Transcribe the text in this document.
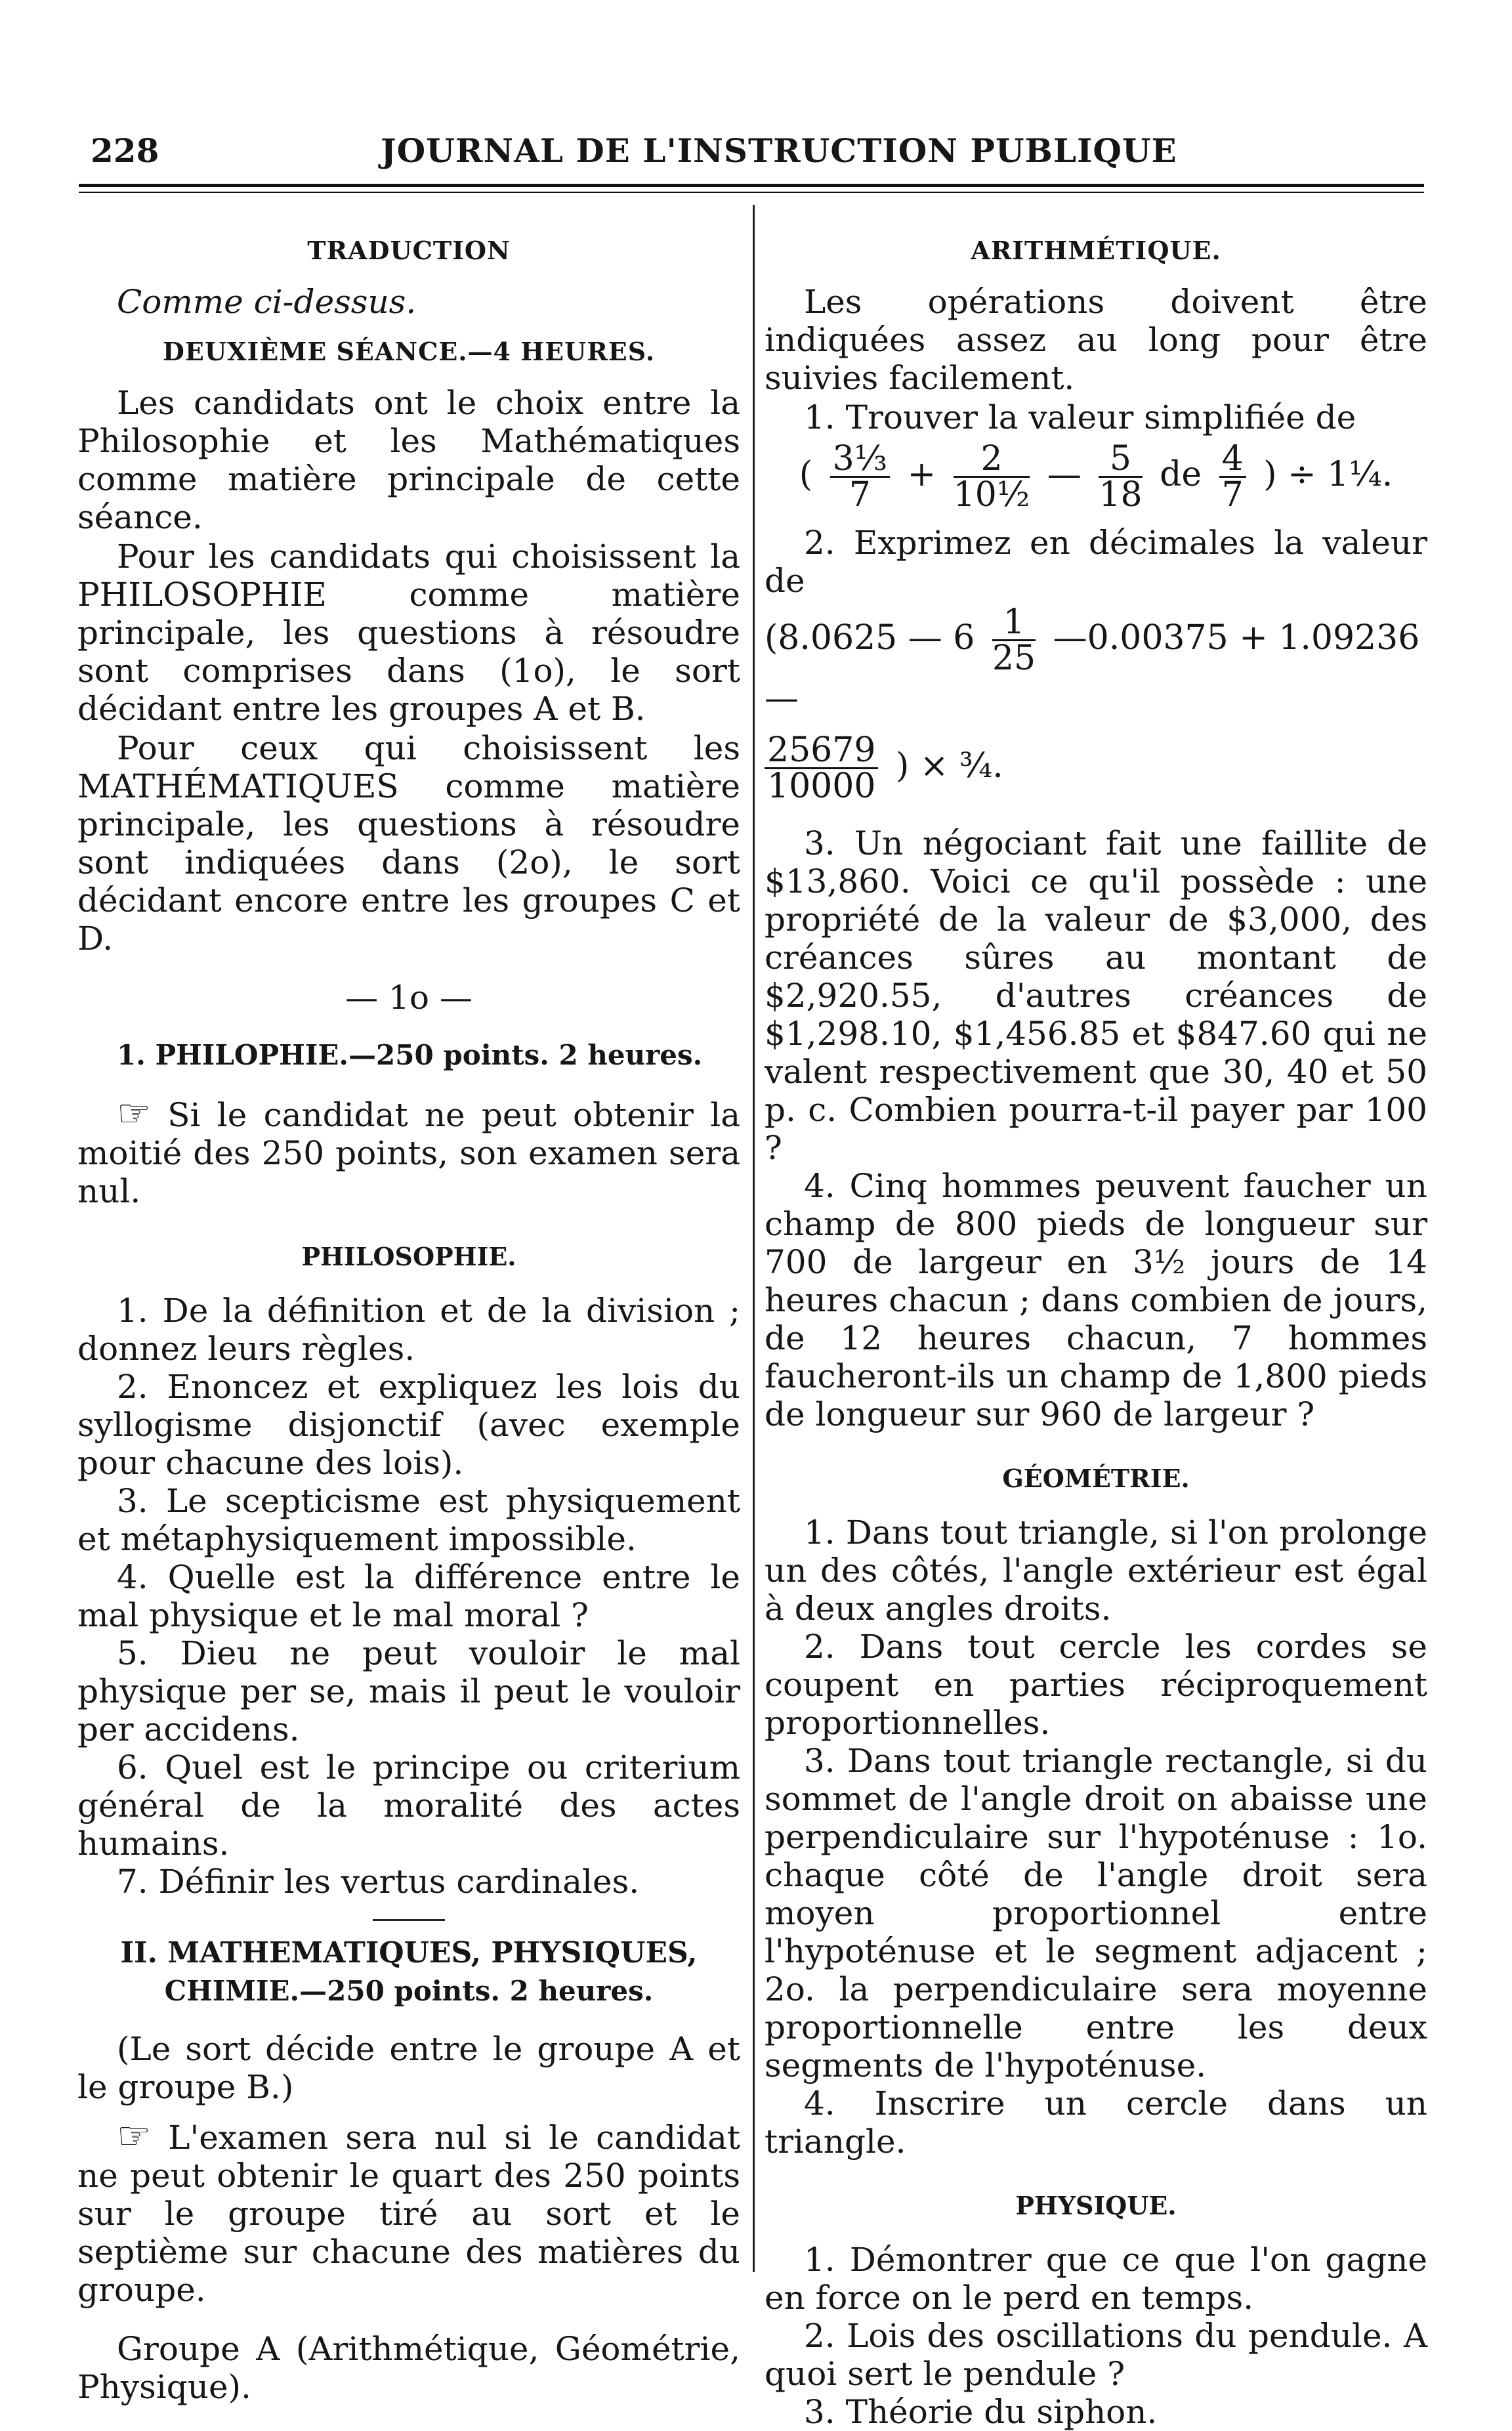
228	JOURNAL DE L'INSTRUCTION PUBLIQUE
TRADUCTION
Comme ci-dessus.
DEUXIÈME SÉANCE.—4 HEURES.

Les candidats ont le choix entre la Philosophie et les Mathématiques comme matière principale de cette séance.

Pour les candidats qui choisissent la PHILOSOPHIE comme matière principale, les questions à résoudre sont comprises dans (1o), le sort décidant entre les groupes A et B.

Pour ceux qui choisissent les MATHÉMATIQUES comme matière principale, les questions à résoudre sont indiquées dans (2o), le sort décidant encore entre les groupes C et D.

— 1o —
1. PHILOPHIE.—250 points. 2 heures.

☞ Si le candidat ne peut obtenir la moitié des 250 points, son examen sera nul.

PHILOSOPHIE.

1. De la définition et de la division ; donnez leurs règles.

2. Enoncez et expliquez les lois du syllogisme disjonctif (avec exemple pour chacune des lois).

3. Le scepticisme est physiquement et métaphysiquement impossible.

4. Quelle est la différence entre le mal physique et le mal moral ?

5. Dieu ne peut vouloir le mal physique per se, mais il peut le vouloir per accidens.

6. Quel est le principe ou criterium général de la moralité des actes humains.

7. Définir les vertus cardinales.

II. MATHEMATIQUES, PHYSIQUES,
CHIMIE.—250 points. 2 heures.

(Le sort décide entre le groupe A et le groupe B.)

☞ L'examen sera nul si le candidat ne peut obtenir le quart des 250 points sur le groupe tiré au sort et le septième sur chacune des matières du groupe.

Groupe A (Arithmétique, Géométrie, Physique).

ARITHMÉTIQUE.

Les opérations doivent être indiquées assez au long pour être suivies facilement.

1. Trouver la valeur simplifiée de

( $\frac{\text{3⅓}}{7} + \frac{2}{\text{10½}}$ — $\frac{5}{18}$ de $\frac{4}{7}$ ) ÷ 1¼.

2. Exprimez en décimales la valeur de

(8.0625 — $6 \frac{1}{25}$ —0.00375 + 1.09236—
$\frac{25679}{10000}$ ) × ¾.

3. Un négociant fait une faillite de $13,860. Voici ce qu'il possède : une propriété de la valeur de $3,000, des créances sûres au montant de $2,920.55, d'autres créances de $1,298.10, $1,456.85 et $847.60 qui ne valent respectivement que 30, 40 et 50 p. c. Combien pourra-t-il payer par 100 ?

4. Cinq hommes peuvent faucher un champ de 800 pieds de longueur sur 700 de largeur en 3½ jours de 14 heures chacun ; dans combien de jours, de 12 heures chacun, 7 hommes faucheront-ils un champ de 1,800 pieds de longueur sur 960 de largeur ?

GÉOMÉTRIE.

1. Dans tout triangle, si l'on prolonge un des côtés, l'angle extérieur est égal à deux angles droits.

2. Dans tout cercle les cordes se coupent en parties réciproquement proportionnelles.

3. Dans tout triangle rectangle, si du sommet de l'angle droit on abaisse une perpendiculaire sur l'hypoténuse : 1o. chaque côté de l'angle droit sera moyen proportionnel entre l'hypoténuse et le segment adjacent ; 2o. la perpendiculaire sera moyenne proportionnelle entre les deux segments de l'hypoténuse.

4. Inscrire un cercle dans un triangle.

PHYSIQUE.

1. Démontrer que ce que l'on gagne en force on le perd en temps.

2. Lois des oscillations du pendule. A quoi sert le pendule ?

3. Théorie du siphon.
